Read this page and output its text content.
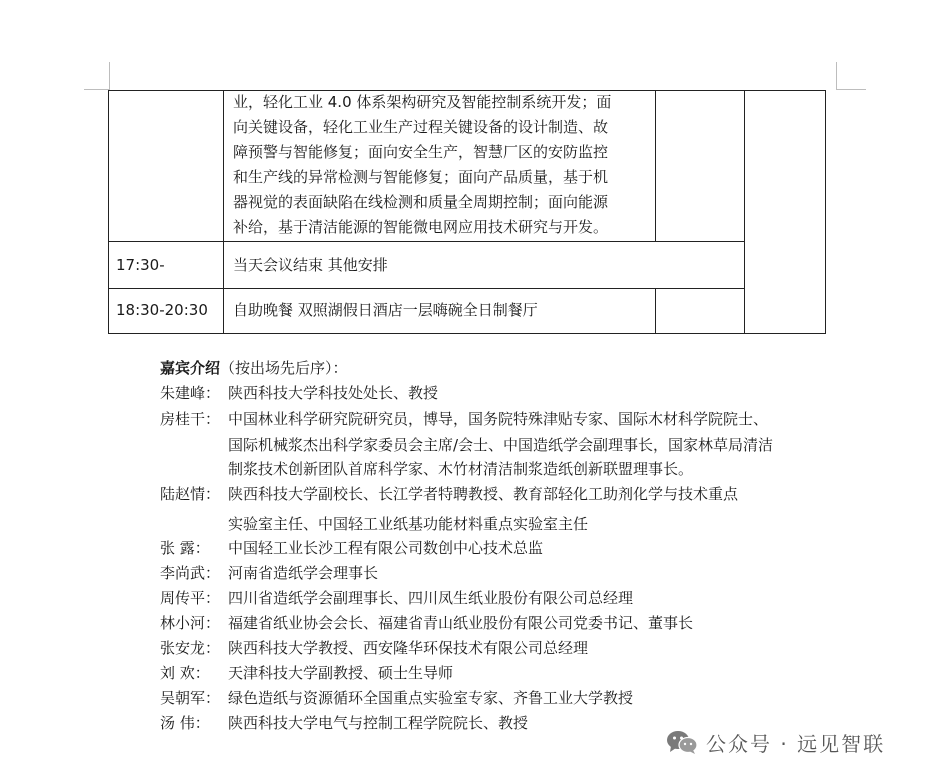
业，轻化工业 4.0 体系架构研究及智能控制系统开发；面
向关键设备，轻化工业生产过程关键设备的设计制造、故
障预警与智能修复；面向安全生产，智慧厂区的安防监控
和生产线的异常检测与智能修复；面向产品质量，基于机
器视觉的表面缺陷在线检测和质量全周期控制；面向能源
补给，基于清洁能源的智能微电网应用技术研究与开发。
17:30-	当天会议结束 其他安排
18:30-20:30 自助晚餐 双照湖假日酒店一层嗨碗全日制餐厅
嘉宾介绍（按出场先后序）：
朱建峰： 陕西科技大学科技处处长、教授
房桂干： 中国林业科学研究院研究员，博导，国务院特殊津贴专家、国际木材科学院院士、
国际机械浆杰出科学家委员会主席/会士、中国造纸学会副理事长，国家林草局清洁
制浆技术创新团队首席科学家、木竹材清洁制浆造纸创新联盟理事长。
陆赵情： 陕西科技大学副校长、长江学者特聘教授、教育部轻化工助剂化学与技术重点
实验室主任、中国轻工业纸基功能材料重点实验室主任
张 露： 中国轻工业长沙工程有限公司数创中心技术总监
李尚武： 河南省造纸学会理事长
周传平： 四川省造纸学会副理事长、四川凤生纸业股份有限公司总经理
林小河： 福建省纸业协会会长、福建省青山纸业股份有限公司党委书记、董事长
张安龙： 陕西科技大学教授、西安隆华环保技术有限公司总经理
刘 欢： 天津科技大学副教授、硕士生导师
吴朝军： 绿色造纸与资源循环全国重点实验室专家、齐鲁工业大学教授
汤 伟： 陕西科技大学电气与控制工程学院院长、教授
公众号 · 远见智联
